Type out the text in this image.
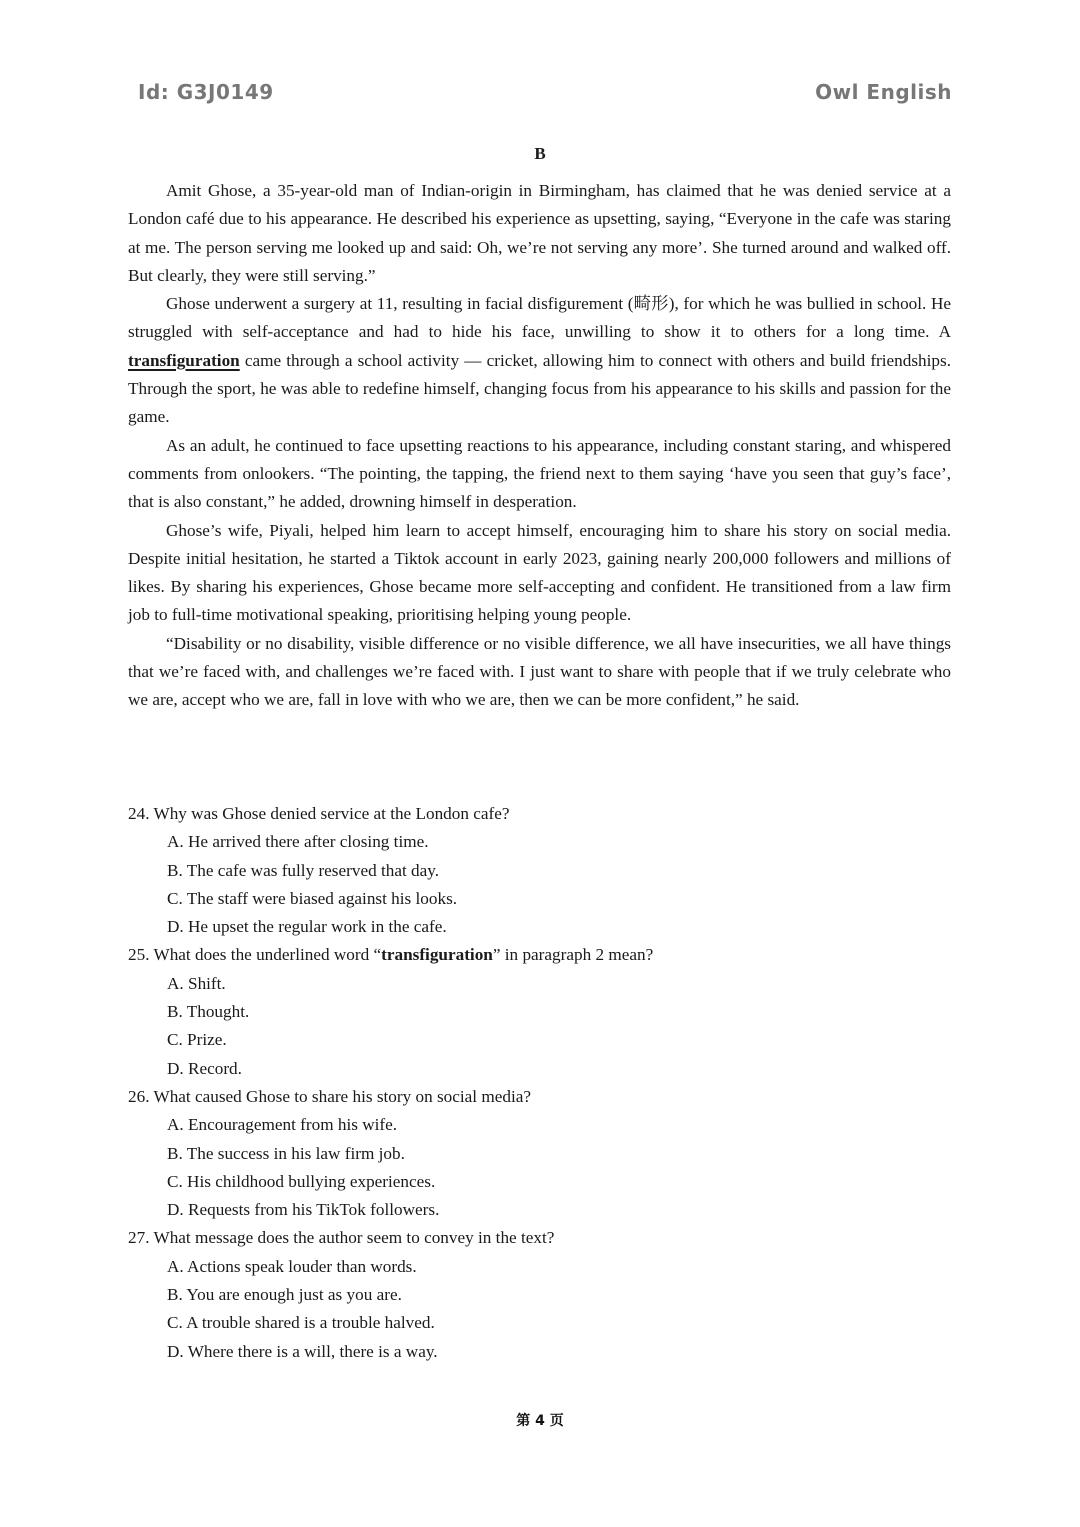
Id: G3J0149	Owl English
B

Amit Ghose, a 35-year-old man of Indian-origin in Birmingham, has claimed that he was denied service at a London café due to his appearance. He described his experience as upsetting, saying, “Everyone in the cafe was staring at me. The person serving me looked up and said: Oh, we’re not serving any more’. She turned around and walked off. But clearly, they were still serving.”

Ghose underwent a surgery at 11, resulting in facial disfigurement (畸形), for which he was bullied in school. He struggled with self-acceptance and had to hide his face, unwilling to show it to others for a long time. A transfiguration came through a school activity — cricket, allowing him to connect with others and build friendships. Through the sport, he was able to redefine himself, changing focus from his appearance to his skills and passion for the game.

As an adult, he continued to face upsetting reactions to his appearance, including constant staring, and whispered comments from onlookers. “The pointing, the tapping, the friend next to them saying ‘have you seen that guy’s face’, that is also constant,” he added, drowning himself in desperation.

Ghose’s wife, Piyali, helped him learn to accept himself, encouraging him to share his story on social media. Despite initial hesitation, he started a Tiktok account in early 2023, gaining nearly 200,000 followers and millions of likes. By sharing his experiences, Ghose became more self-accepting and confident. He transitioned from a law firm job to full-time motivational speaking, prioritising helping young people.

“Disability or no disability, visible difference or no visible difference, we all have insecurities, we all have things that we’re faced with, and challenges we’re faced with. I just want to share with people that if we truly celebrate who we are, accept who we are, fall in love with who we are, then we can be more confident,” he said.

24. Why was Ghose denied service at the London cafe?

A. He arrived there after closing time.

B. The cafe was fully reserved that day.

C. The staff were biased against his looks.

D. He upset the regular work in the cafe.

25. What does the underlined word “transfiguration” in paragraph 2 mean?

A. Shift.

B. Thought.

C. Prize.

D. Record.

26. What caused Ghose to share his story on social media?

A. Encouragement from his wife.

B. The success in his law firm job.

C. His childhood bullying experiences.

D. Requests from his TikTok followers.

27. What message does the author seem to convey in the text?

A. Actions speak louder than words.

B. You are enough just as you are.

C. A trouble shared is a trouble halved.

D. Where there is a will, there is a way.

第 4 页
